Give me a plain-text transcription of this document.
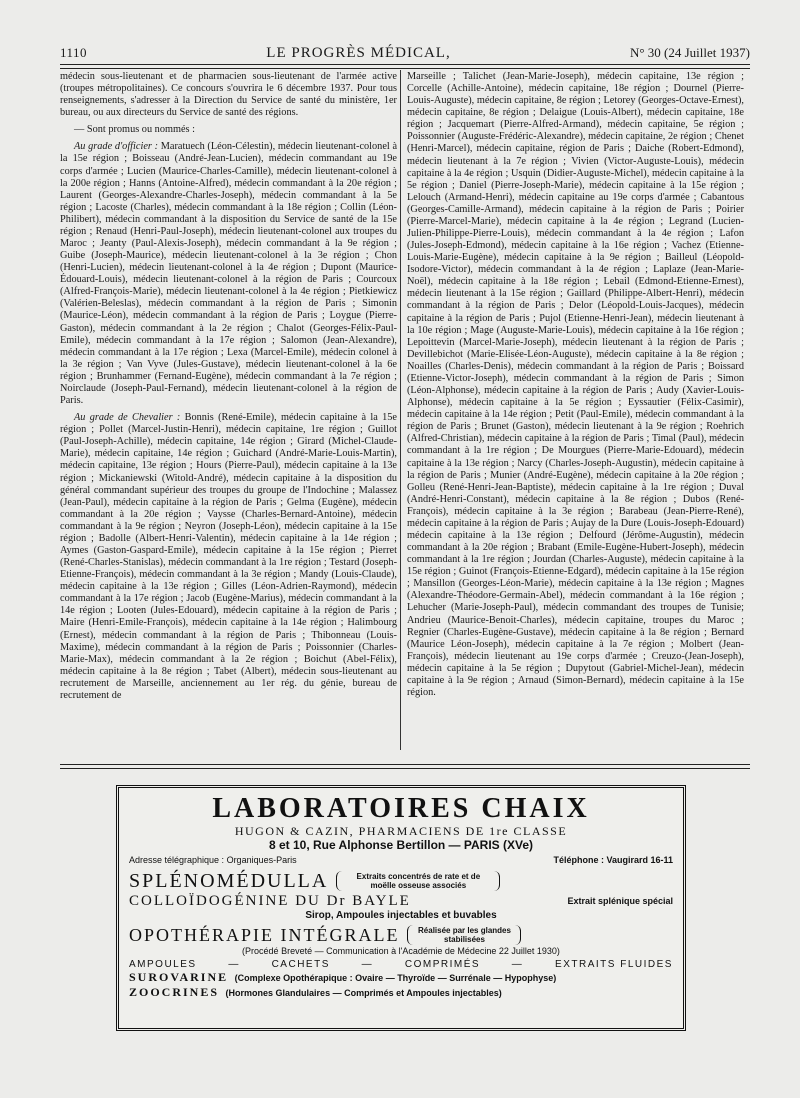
1110	LE PROGRÈS MÉDICAL,	N° 30 (24 Juillet 1937)

médecin sous-lieutenant et de pharmacien sous-lieutenant de l'armée active (troupes métropolitaines). Ce concours s'ouvrira le 6 décembre 1937. Pour tous renseignements, s'adresser à la Direction du Service de santé du ministère, 1er bureau, ou aux directeurs du Service de santé des régions.

— Sont promus ou nommés :

Au grade d'officier : Maratuech (Léon-Célestin), médecin lieutenant-colonel à la 15e région ; Boisseau (André-Jean-Lucien), médecin commandant au 19e corps d'armée ; Lucien (Maurice-Charles-Camille), médecin lieutenant-colonel à la 200e région ; Hanns (Antoine-Alfred), médecin commandant à la 20e région ; Laurent (Georges-Alexandre-Charles-Joseph), médecin commandant à la 5e région ; Lacoste (Charles), médecin commandant à la 18e région ; Collin (Léon-Philibert), médecin commandant à la disposition du Service de santé de la 15e région ; Renaud (Henri-Paul-Joseph), médecin lieutenant-colonel aux troupes du Maroc ; Jeanty (Paul-Alexis-Joseph), médecin commandant à la 9e région ; Guibe (Joseph-Maurice), médecin lieutenant-colonel à la 3e région ; Chon (Henri-Lucien), médecin lieutenant-colonel à la 4e région ; Dupont (Maurice-Édouard-Louis), médecin lieutenant-colonel à la région de Paris ; Courcoux (Alfred-François-Marie), médecin lieutenant-colonel à la 4e région ; Pietkiewicz (Valérien-Beleslas), médecin commandant à la région de Paris ; Simonin (Maurice-Léon), médecin commandant à la région de Paris ; Loygue (Pierre-Gaston), médecin commandant à la 2e région ; Chalot (Georges-Félix-Paul-Emile), médecin commandant à la 17e région ; Salomon (Jean-Alexandre), médecin commandant à la 17e région ; Lexa (Marcel-Emile), médecin colonel à la 3e région ; Van Vyve (Jules-Gustave), médecin lieutenant-colonel à la 6e région ; Brunhammer (Fernand-Eugène), médecin commandant à la 7e région ; Noirclaude (Joseph-Paul-Fernand), médecin lieutenant-colonel à la région de Paris.

Au grade de Chevalier : Bonnis (René-Emile), médecin capitaine à la 15e région ; Pollet (Marcel-Justin-Henri), médecin capitaine, 1re région ; Guillot (Paul-Joseph-Achille), médecin capitaine, 14e région ; Girard (Michel-Claude-Marie), médecin capitaine, 14e région ; Guichard (André-Marie-Louis-Martin), médecin capitaine, 13e région ; Hours (Pierre-Paul), médecin capitaine à la 13e région ; Mickaniewski (Witold-André), médecin capitaine à la disposition du général commandant supérieur des troupes du groupe de l'Indochine ; Malassez (Jean-Paul), médecin capitaine à la région de Paris ; Gelma (Eugène), médecin commandant à la 20e région ; Vaysse (Charles-Bernard-Antoine), médecin commandant à la 9e région ; Neyron (Joseph-Léon), médecin capitaine à la 15e région ; Badolle (Albert-Henri-Valentin), médecin capitaine à la 14e région ; Aymes (Gaston-Gaspard-Emile), médecin capitaine à la 15e région ; Pierret (René-Charles-Stanislas), médecin commandant à la 1re région ; Testard (Joseph-Etienne-François), médecin commandant à la 3e région ; Mandy (Louis-Claude), médecin capitaine à la 13e région ; Gilles (Léon-Adrien-Raymond), médecin commandant à la 17e région ; Jacob (Eugène-Marius), médecin commandant à la 14e région ; Looten (Jules-Edouard), médecin capitaine à la région de Paris ; Maire (Henri-Emile-François), médecin capitaine à la 14e région ; Halimbourg (Ernest), médecin commandant à la région de Paris ; Thibonneau (Louis-Maxime), médecin commandant à la région de Paris ; Poissonnier (Charles-Marie-Max), médecin commandant à la 2e région ; Boichut (Abel-Félix), médecin capitaine à la 8e région ; Tabet (Albert), médecin sous-lieutenant au recrutement de Marseille, anciennement au 1er rég. du génie, bureau de recrutement de

Marseille ; Talichet (Jean-Marie-Joseph), médecin capitaine, 13e région ; Corcelle (Achille-Antoine), médecin capitaine, 18e région ; Dournel (Pierre-Louis-Auguste), médecin capitaine, 8e région ; Letorey (Georges-Octave-Ernest), médecin capitaine, 8e région ; Delaigue (Louis-Albert), médecin capitaine, 18e région ; Jacquemart (Pierre-Alfred-Armand), médecin capitaine, 5e région ; Poissonnier (Auguste-Frédéric-Alexandre), médecin capitaine, 2e région ; Chenet (Henri-Marcel), médecin capitaine, région de Paris ; Daiche (Robert-Edmond), médecin lieutenant à la 7e région ; Vivien (Victor-Auguste-Louis), médecin capitaine à la 4e région ; Usquin (Didier-Auguste-Michel), médecin capitaine à la 5e région ; Daniel (Pierre-Joseph-Marie), médecin capitaine à la 15e région ; Lelouch (Armand-Henri), médecin capitaine au 19e corps d'armée ; Cabantous (Georges-Camille-Armand), médecin capitaine à la région de Paris ; Poirier (Pierre-Marcel-Marie), médecin capitaine à la 4e région ; Legrand (Lucien-Julien-Philippe-Pierre-Louis), médecin commandant à la 4e région ; Lafon (Jules-Joseph-Edmond), médecin capitaine à la 16e région ; Vachez (Etienne-Louis-Marie-Eugène), médecin capitaine à la 9e région ; Bailleul (Léopold-Isodore-Victor), médecin commandant à la 4e région ; Laplaze (Jean-Marie-Noël), médecin capitaine à la 18e région ; Lebail (Edmond-Etienne-Ernest), médecin lieutenant à la 15e région ; Gaillard (Philippe-Albert-Henri), médecin commandant à la région de Paris ; Delor (Léopold-Louis-Jacques), médecin capitaine à la région de Paris ; Pujol (Etienne-Henri-Jean), médecin lieutenant à la 10e région ; Mage (Auguste-Marie-Louis), médecin capitaine à la 16e région ; Lepoittevin (Marcel-Marie-Joseph), médecin lieutenant à la région de Paris ; Devillebichot (Marie-Elisée-Léon-Auguste), médecin capitaine à la 8e région ; Noailles (Charles-Denis), médecin commandant à la région de Paris ; Boissard (Etienne-Victor-Joseph), médecin commandant à la région de Paris ; Simon (Léon-Alphonse), médecin capitaine à la région de Paris ; Audy (Xavier-Louis-Alphonse), médecin capitaine à la 5e région ; Eyssautier (Félix-Casimir), médecin capitaine à la 14e région ; Petit (Paul-Emile), médecin commandant à la région de Paris ; Brunet (Gaston), médecin lieutenant à la 9e région ; Roehrich (Alfred-Christian), médecin capitaine à la région de Paris ; Timal (Paul), médecin commandant à la 1re région ; De Mourgues (Pierre-Marie-Edouard), médecin capitaine à la 13e région ; Narcy (Charles-Joseph-Augustin), médecin capitaine à la région de Paris ; Munier (André-Eugène), médecin capitaine à la 20e région ; Golleu (René-Henri-Jean-Baptiste), médecin capitaine à la 1re région ; Duval (André-Henri-Constant), médecin capitaine à la 8e région ; Dubos (René-François), médecin capitaine à la 3e région ; Barabeau (Jean-Pierre-René), médecin capitaine à la région de Paris ; Aujay de la Dure (Louis-Joseph-Edouard) médecin capitaine à la 13e région ; Delfourd (Jérôme-Augustin), médecin commandant à la 20e région ; Brabant (Emile-Eugène-Hubert-Joseph), médecin commandant à la 1re région ; Jourdan (Charles-Auguste), médecin capitaine à la 15e région ; Guinot (François-Etienne-Edgard), médecin capitaine à la 15e région ; Mansillon (Georges-Léon-Marie), médecin capitaine à la 13e région ; Magnes (Alexandre-Théodore-Germain-Abel), médecin commandant à la 16e région ; Lehucher (Marie-Joseph-Paul), médecin commandant des troupes de Tunisie; Andrieu (Maurice-Benoit-Charles), médecin capitaine, troupes du Maroc ; Regnier (Charles-Eugène-Gustave), médecin capitaine à la 8e région ; Bernard (Maurice Léon-Joseph), médecin capitaine à la 7e région ; Molbert (Jean-François), médecin lieutenant au 19e corps d'armée ; Creuzo-(Jean-Joseph), médecin capitaine à la 5e région ; Dupytout (Gabriel-Michel-Jean), médecin capitaine à la 9e région ; Arnaud (Simon-Bernard), médecin capitaine à la 15e région.

LABORATOIRES CHAIX
HUGON & CAZIN, PHARMACIENS DE 1re CLASSE
8 et 10, Rue Alphonse Bertillon — PARIS (XVe)
Adresse télégraphique : Organiques-Paris	Téléphone : Vaugirard 16-11
SPLÉNOMÉDULLA	Extraits concentrés de rate et de moëlle osseuse associés
COLLOÏDOGÉNINE DU Dr BAYLE	Extrait splénique spécial
Sirop, Ampoules injectables et buvables
OPOTHÉRAPIE INTÉGRALE	Réalisée par les glandes stabilisées
(Procédé Breveté — Communication à l'Académie de Médecine 22 Juillet 1930)
AMPOULES	—	CACHETS	—	COMPRIMÉS	—	EXTRAITS FLUIDES
SUROVARINE (Complexe Opothérapique : Ovaire — Thyroïde — Surrénale — Hypophyse)
ZOOCRINES (Hormones Glandulaires — Comprimés et Ampoules injectables)
